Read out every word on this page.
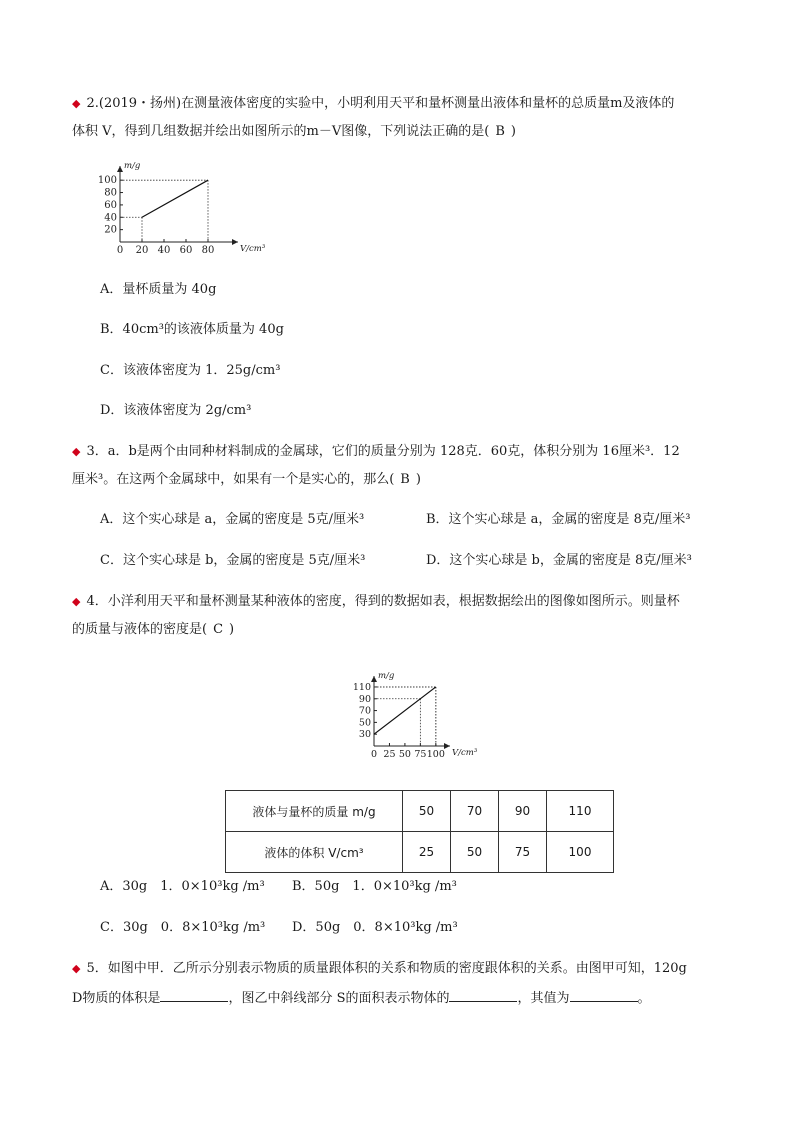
◆ 2.(2019・扬州)在测量液体密度的实验中，小明利用天平和量杯测量出液体和量杯的总质量m及液体的
体积 V，得到几组数据并绘出如图所示的m－V图像，下列说法正确的是( B )
m/g
V/cm³
0 20 40 60 80
20
40
60
80
100
A．量杯质量为 40g
B．40cm³的该液体质量为 40g
C．该液体密度为 1．25g/cm³
D．该液体密度为 2g/cm³
◆ 3．a．b是两个由同种材料制成的金属球，它们的质量分别为 128克．60克，体积分别为 16厘米³．12
厘米³。在这两个金属球中，如果有一个是实心的，那么( B )
A．这个实心球是 a，金属的密度是 5克/厘米³	B．这个实心球是 a，金属的密度是 8克/厘米³
C．这个实心球是 b，金属的密度是 5克/厘米³	D．这个实心球是 b，金属的密度是 8克/厘米³
◆ 4．小洋利用天平和量杯测量某种液体的密度，得到的数据如表，根据数据绘出的图像如图所示。则量杯
的质量与液体的密度是( C )
m/g
V/cm³
0 25 50 75 100
30
50
70
90
110
液体与量杯的质量 m/g	50	70	90	110
液体的体积 V/cm³	25	50	75	100
A．30g　1．0×10³kg /m³ B．50g　1．0×10³kg /m³
C．30g　0．8×10³kg /m³ D．50g　0．8×10³kg /m³
◆ 5．如图中甲．乙所示分别表示物质的质量跟体积的关系和物质的密度跟体积的关系。由图甲可知，120g
D物质的体积是	，图乙中斜线部分 S的面积表示物体的	，其值为	。
